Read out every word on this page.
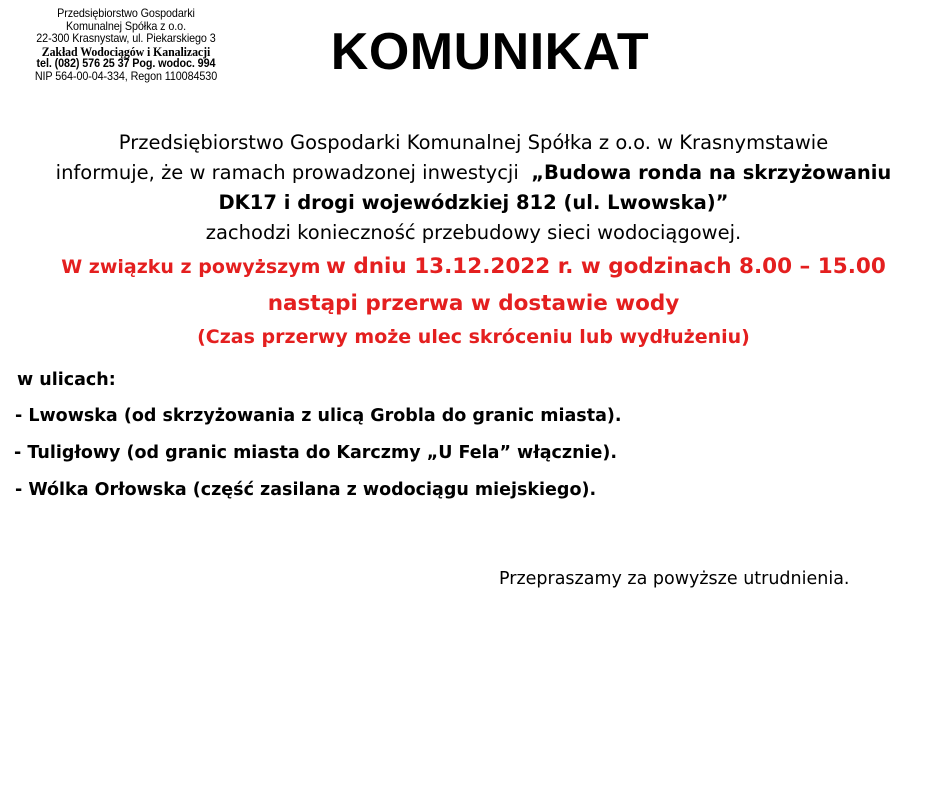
Przedsiębiorstwo Gospodarki
Komunalnej Spółka z o.o.
22-300 Krasnystaw, ul. Piekarskiego 3
Zakład Wodociągów i Kanalizacji
tel. (082) 576 25 37 Pog. wodoc. 994
NIP 564-00-04-334, Regon 110084530	KOMUNIKAT
Przedsiębiorstwo Gospodarki Komunalnej Spółka z o.o. w Krasnymstawie
informuje, że w ramach prowadzonej inwestycji „Budowa ronda na skrzyżowaniu
DK17 i drogi wojewódzkiej 812 (ul. Lwowska)”
zachodzi konieczność przebudowy sieci wodociągowej.
W związku z powyższym w dniu 13.12.2022 r. w godzinach 8.00 – 15.00
nastąpi przerwa w dostawie wody
(Czas przerwy może ulec skróceniu lub wydłużeniu)
w ulicach:
- Lwowska (od skrzyżowania z ulicą Grobla do granic miasta).
- Tuligłowy (od granic miasta do Karczmy „U Fela” włącznie).
- Wólka Orłowska (część zasilana z wodociągu miejskiego).
Przepraszamy za powyższe utrudnienia.
